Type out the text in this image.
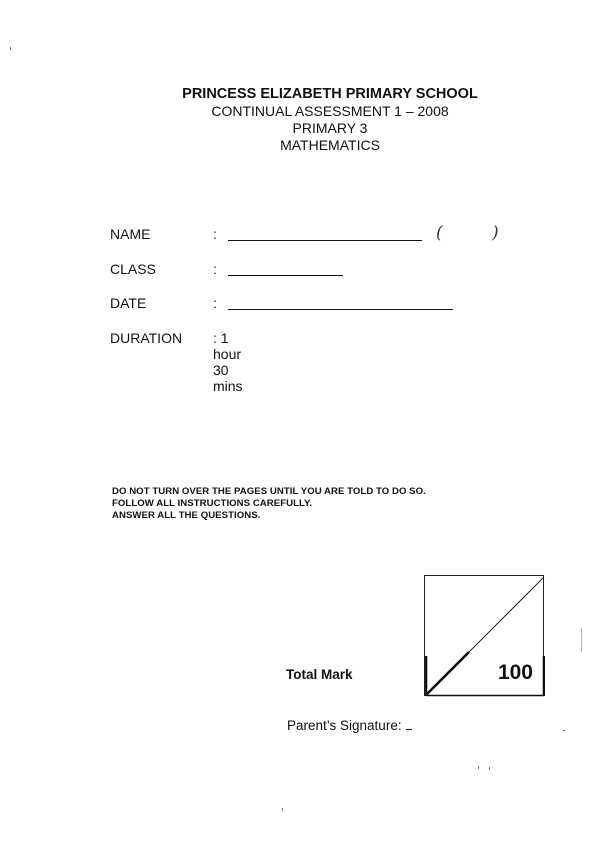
PRINCESS ELIZABETH PRIMARY SCHOOL
CONTINUAL ASSESSMENT 1 – 2008
PRIMARY 3
MATHEMATICS
NAME	:	(	)
CLASS	:
DATE	:
DURATION : 1 hour 30 mins
DO NOT TURN OVER THE PAGES UNTIL YOU ARE TOLD TO DO SO.
FOLLOW ALL INSTRUCTIONS CAREFULLY.
ANSWER ALL THE QUESTIONS.
Total Mark	100
Parent’s Signature:
